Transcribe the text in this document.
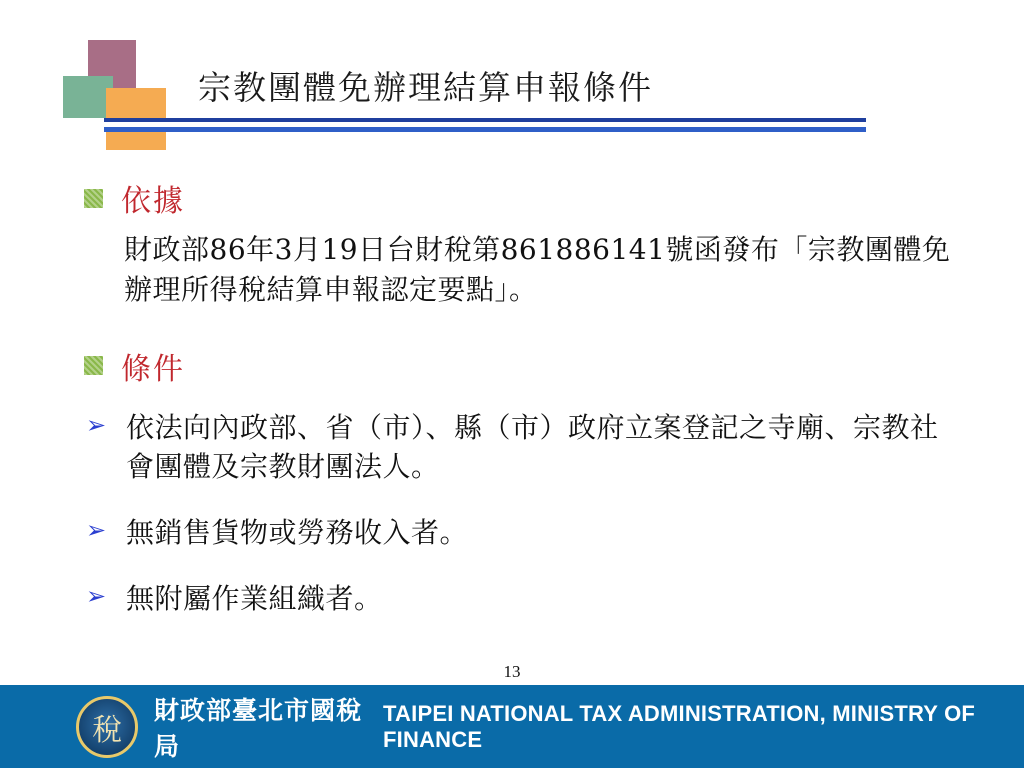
宗教團體免辦理結算申報條件
依據
財政部86年3月19日台財稅第861886141號函發布「宗教團體免辦理所得稅結算申報認定要點」。
條件
➢ 依法向內政部、省（市）、縣（市）政府立案登記之寺廟、宗教社會團體及宗教財團法人。
➢ 無銷售貨物或勞務收入者。
➢ 無附屬作業組織者。
13
稅
財政部臺北市國稅局
TAIPEI NATIONAL TAX ADMINISTRATION, MINISTRY OF FINANCE
